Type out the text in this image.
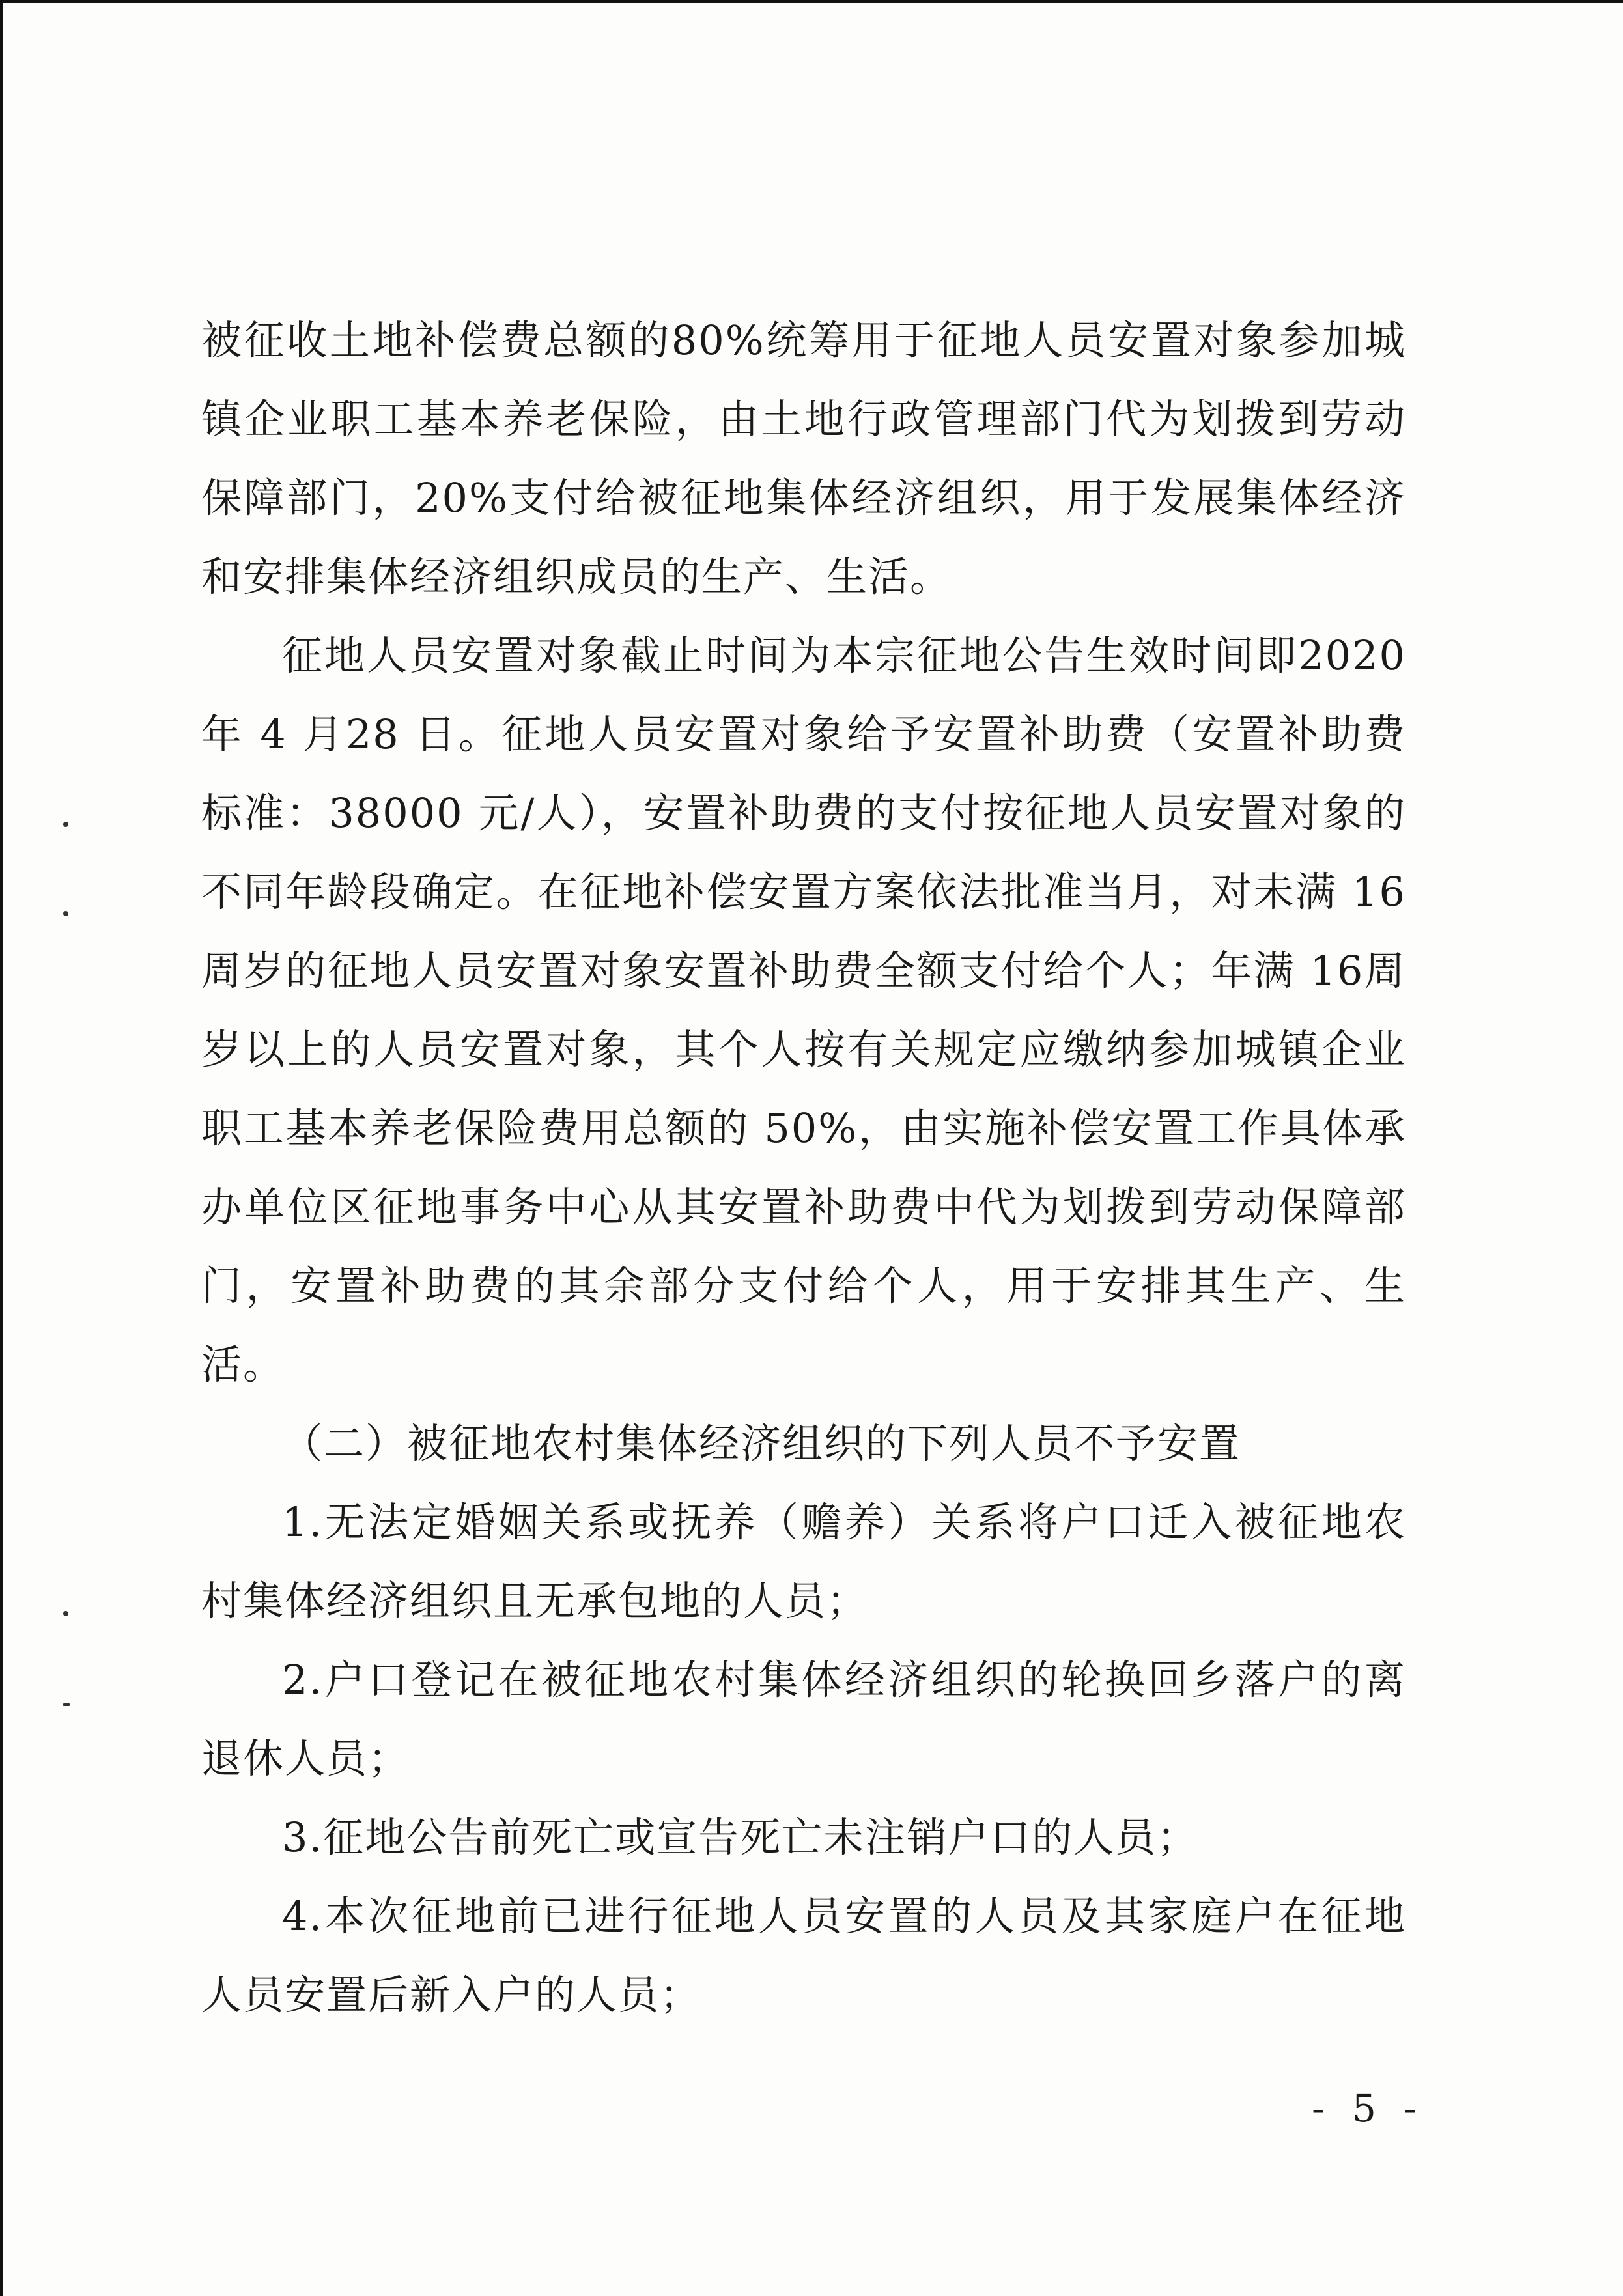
被征收土地补偿费总额的80%统筹用于征地人员安置对象参加城镇企业职工基本养老保险，由土地行政管理部门代为划拨到劳动保障部门，20%支付给被征地集体经济组织，用于发展集体经济和安排集体经济组织成员的生产、生活。

征地人员安置对象截止时间为本宗征地公告生效时间即2020 年 4 月28 日。征地人员安置对象给予安置补助费（安置补助费标准：38000 元/人），安置补助费的支付按征地人员安置对象的不同年龄段确定。在征地补偿安置方案依法批准当月，对未满 16周岁的征地人员安置对象安置补助费全额支付给个人；年满 16周岁以上的人员安置对象，其个人按有关规定应缴纳参加城镇企业职工基本养老保险费用总额的 50%，由实施补偿安置工作具体承办单位区征地事务中心从其安置补助费中代为划拨到劳动保障部门，安置补助费的其余部分支付给个人，用于安排其生产、生活。

（二）被征地农村集体经济组织的下列人员不予安置

1.无法定婚姻关系或抚养（赡养）关系将户口迁入被征地农村集体经济组织且无承包地的人员；

2.户口登记在被征地农村集体经济组织的轮换回乡落户的离退休人员；

3.征地公告前死亡或宣告死亡未注销户口的人员；

4.本次征地前已进行征地人员安置的人员及其家庭户在征地人员安置后新入户的人员；

- 5 -
